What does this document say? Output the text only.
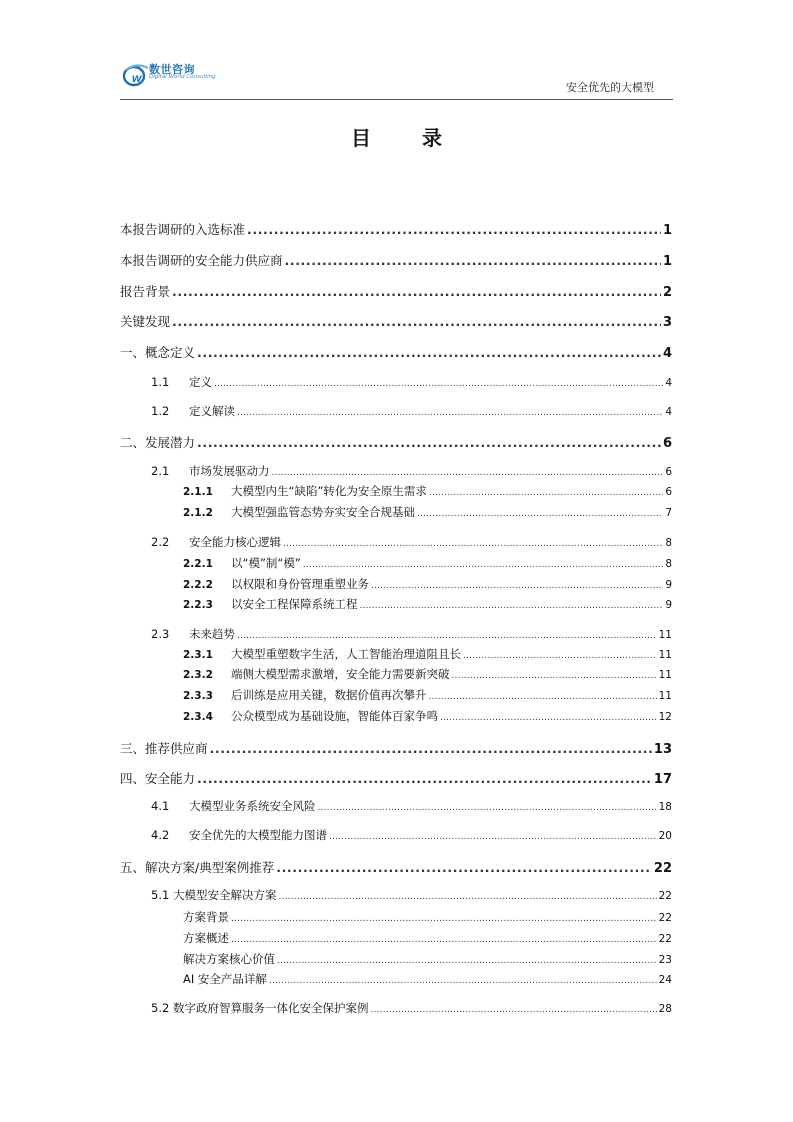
w
数世咨询
Digital World Consulting
安全优先的大模型
目 录
本报告调研的入选标准 .....	1
本报告调研的安全能力供应商 .....	1
报告背景 .....	2
关键发现 .....	3
一、概念定义 .....	4
1.1	定义 .....	4
1.2	定义解读 .....	4
二、发展潜力 .....	6
2.1	市场发展驱动力 .....	6
2.1.1	大模型内生“缺陷”转化为安全原生需求 .....	6
2.1.2	大模型强监管态势夯实安全合规基础 .....	7
2.2	安全能力核心逻辑 .....	8
2.2.1	以“模”制“模” .....	8
2.2.2	以权限和身份管理重塑业务 .....	9
2.2.3	以安全工程保障系统工程 .....	9
2.3	未来趋势 .....	11
2.3.1	大模型重塑数字生活，人工智能治理道阻且长 .....	11
2.3.2	端侧大模型需求激增，安全能力需要新突破 .....	11
2.3.3	后训练是应用关键，数据价值再次攀升 .....	11
2.3.4	公众模型成为基础设施，智能体百家争鸣 .....	12
三、推荐供应商 .....	13
四、安全能力 .....	17
4.1	大模型业务系统安全风险 .....	18
4.2	安全优先的大模型能力图谱 .....	20
五、解决方案/典型案例推荐 .....	22
5.1 大模型安全解决方案 .....	22
方案背景 .....	22
方案概述 .....	22
解决方案核心价值 .....	23
AI 安全产品详解 .....	24
5.2 数字政府智算服务一体化安全保护案例 .....	28
